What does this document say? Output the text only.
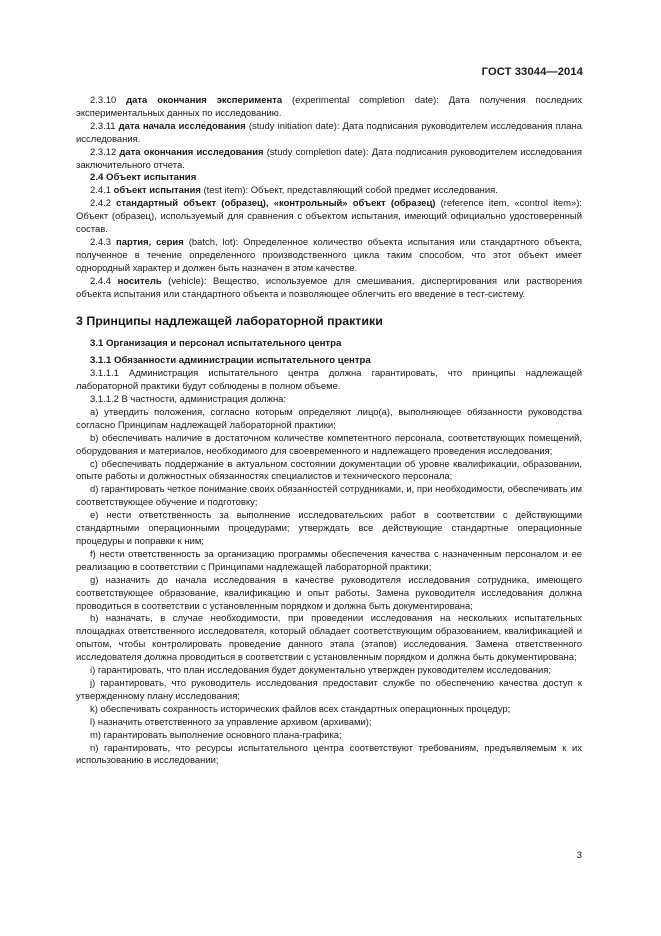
ГОСТ 33044—2014

2.3.10 дата окончания эксперимента (experimental completion date): Дата получения последних экспериментальных данных по исследованию.

2.3.11 дата начала исследования (study initiation date): Дата подписания руководителем исследования плана исследования.

2.3.12 дата окончания исследования (study completion date): Дата подписания руководителем исследования заключительного отчета.

2.4 Объект испытания

2.4.1 объект испытания (test item): Объект, представляющий собой предмет исследования.

2.4.2 стандартный объект (образец), «контрольный» объект (образец) (reference item, «control item»): Объект (образец), используемый для сравнения с объектом испытания, имеющий официально удостоверенный состав.

2.4.3 партия, серия (batch, lot): Определенное количество объекта испытания или стандартного объекта, полученное в течение определенного производственного цикла таким способом, что этот объект имеет однородный характер и должен быть назначен в этом качестве.

2.4.4 носитель (vehicle): Вещество, используемое для смешивания, диспергирования или растворения объекта испытания или стандартного объекта и позволяющее облегчить его введение в тест-систему.

3 Принципы надлежащей лабораторной практики

3.1 Организация и персонал испытательного центра

3.1.1 Обязанности администрации испытательного центра

3.1.1.1 Администрация испытательного центра должна гарантировать, что принципы надлежащей лабораторной практики будут соблюдены в полном объеме.

3.1.1.2 В частности, администрация должна:

a) утвердить положения, согласно которым определяют лицо(а), выполняющее обязанности руководства согласно Принципам надлежащей лабораторной практики;

b) обеспечивать наличие в достаточном количестве компетентного персонала, соответствующих помещений, оборудования и материалов, необходимого для своевременного и надлежащего проведения исследования;

c) обеспечивать поддержание в актуальном состоянии документации об уровне квалификации, образовании, опыте работы и должностных обязанностях специалистов и технического персонала;

d) гарантировать четкое понимание своих обязанностей сотрудниками, и, при необходимости, обеспечивать им соответствующее обучение и подготовку;

e) нести ответственность за выполнение исследовательских работ в соответствии с действующими стандартными операционными процедурами; утверждать все действующие стандартные операционные процедуры и поправки к ним;

f) нести ответственность за организацию программы обеспечения качества с назначенным персоналом и ее реализацию в соответствии с Принципами надлежащей лабораторной практики;

g) назначить до начала исследования в качестве руководителя исследования сотрудника, имеющего соответствующее образование, квалификацию и опыт работы. Замена руководителя исследования должна проводиться в соответствии с установленным порядком и должна быть документирована;

h) назначать, в случае необходимости, при проведении исследования на нескольких испытательных площадках ответственного исследователя, который обладает соответствующим образованием, квалификацией и опытом, чтобы контролировать проведение данного этапа (этапов) исследования. Замена ответственного исследователя должна проводиться в соответствии с установленным порядком и должна быть документирована;

i) гарантировать, что план исследования будет документально утвержден руководителем исследования;

j) гарантировать, что руководитель исследования предоставит службе по обеспечению качества доступ к утвержденному плану исследования;

k) обеспечивать сохранность исторических файлов всех стандартных операционных процедур;

l) назначить ответственного за управление архивом (архивами);

m) гарантировать выполнение основного плана-графика;

n) гарантировать, что ресурсы испытательного центра соответствуют требованиям, предъявляемым к их использованию в исследовании;

3
